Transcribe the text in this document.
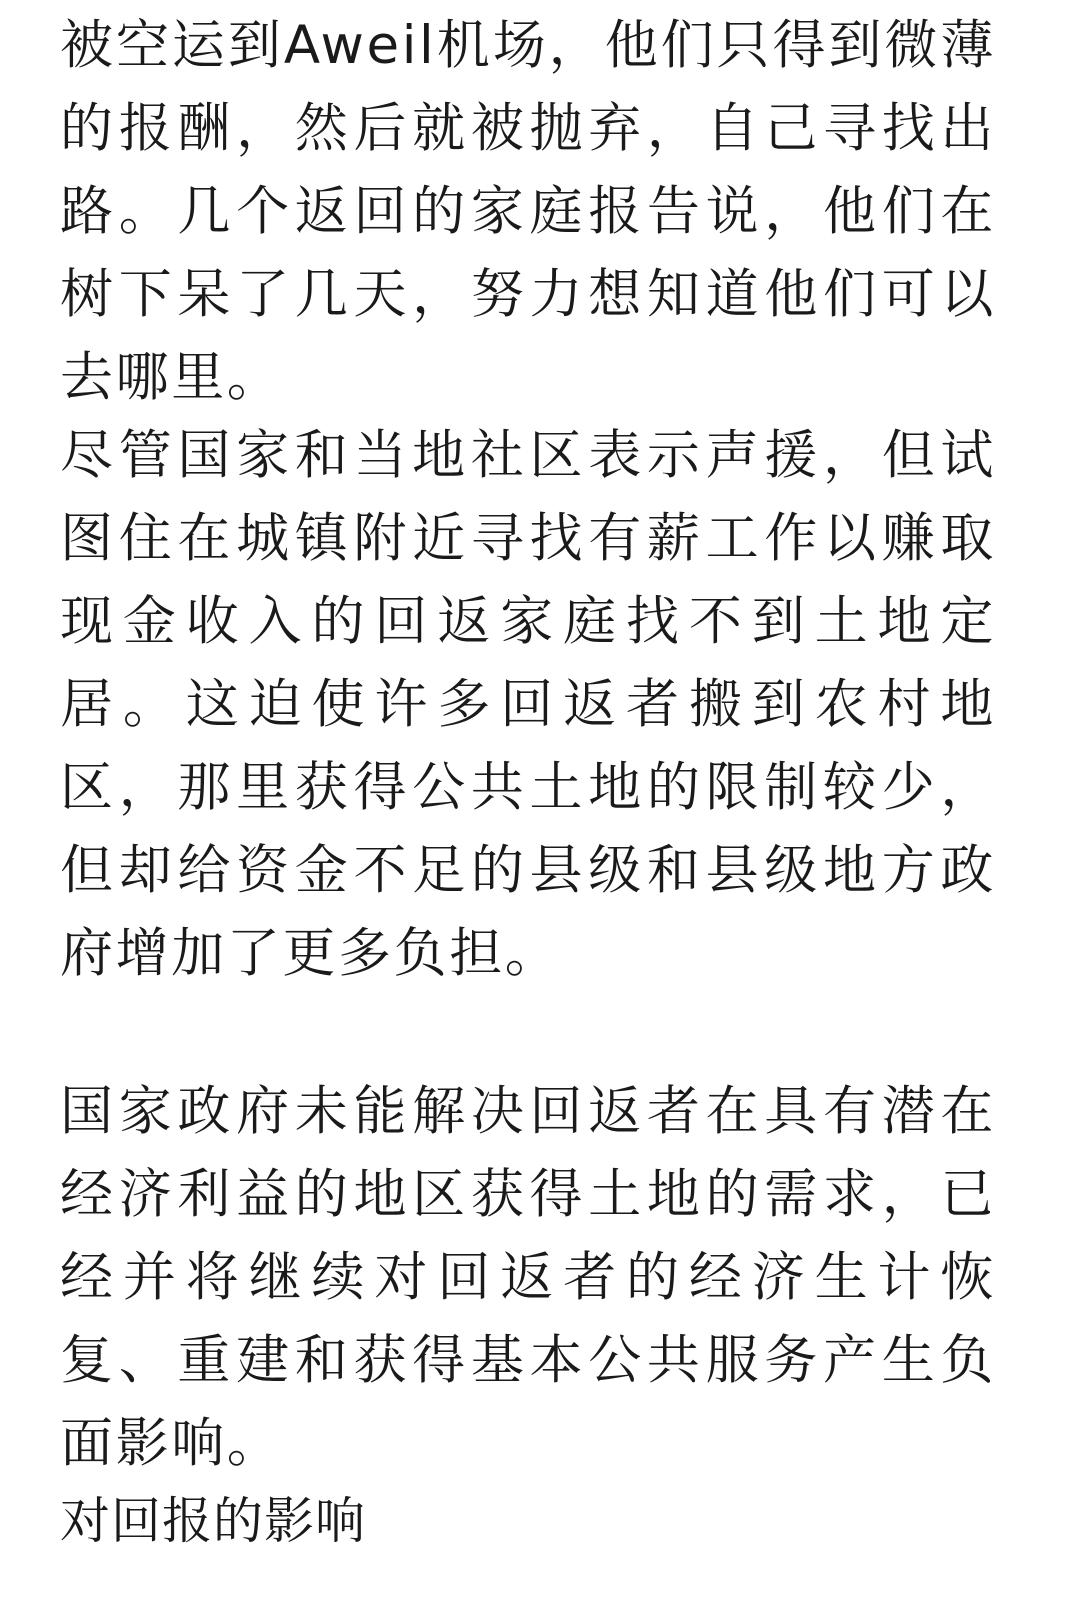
被空运到Aweil机场，他们只得到微薄的报酬，然后就被抛弃，自己寻找出路。几个返回的家庭报告说，他们在树下呆了几天，努力想知道他们可以去哪里。

尽管国家和当地社区表示声援，但试图住在城镇附近寻找有薪工作以赚取现金收入的回返家庭找不到土地定居。这迫使许多回返者搬到农村地区，那里获得公共土地的限制较少，但却给资金不足的县级和县级地方政府增加了更多负担。

国家政府未能解决回返者在具有潜在经济利益的地区获得土地的需求，已经并将继续对回返者的经济生计恢复、重建和获得基本公共服务产生负面影响。

对回报的影响
